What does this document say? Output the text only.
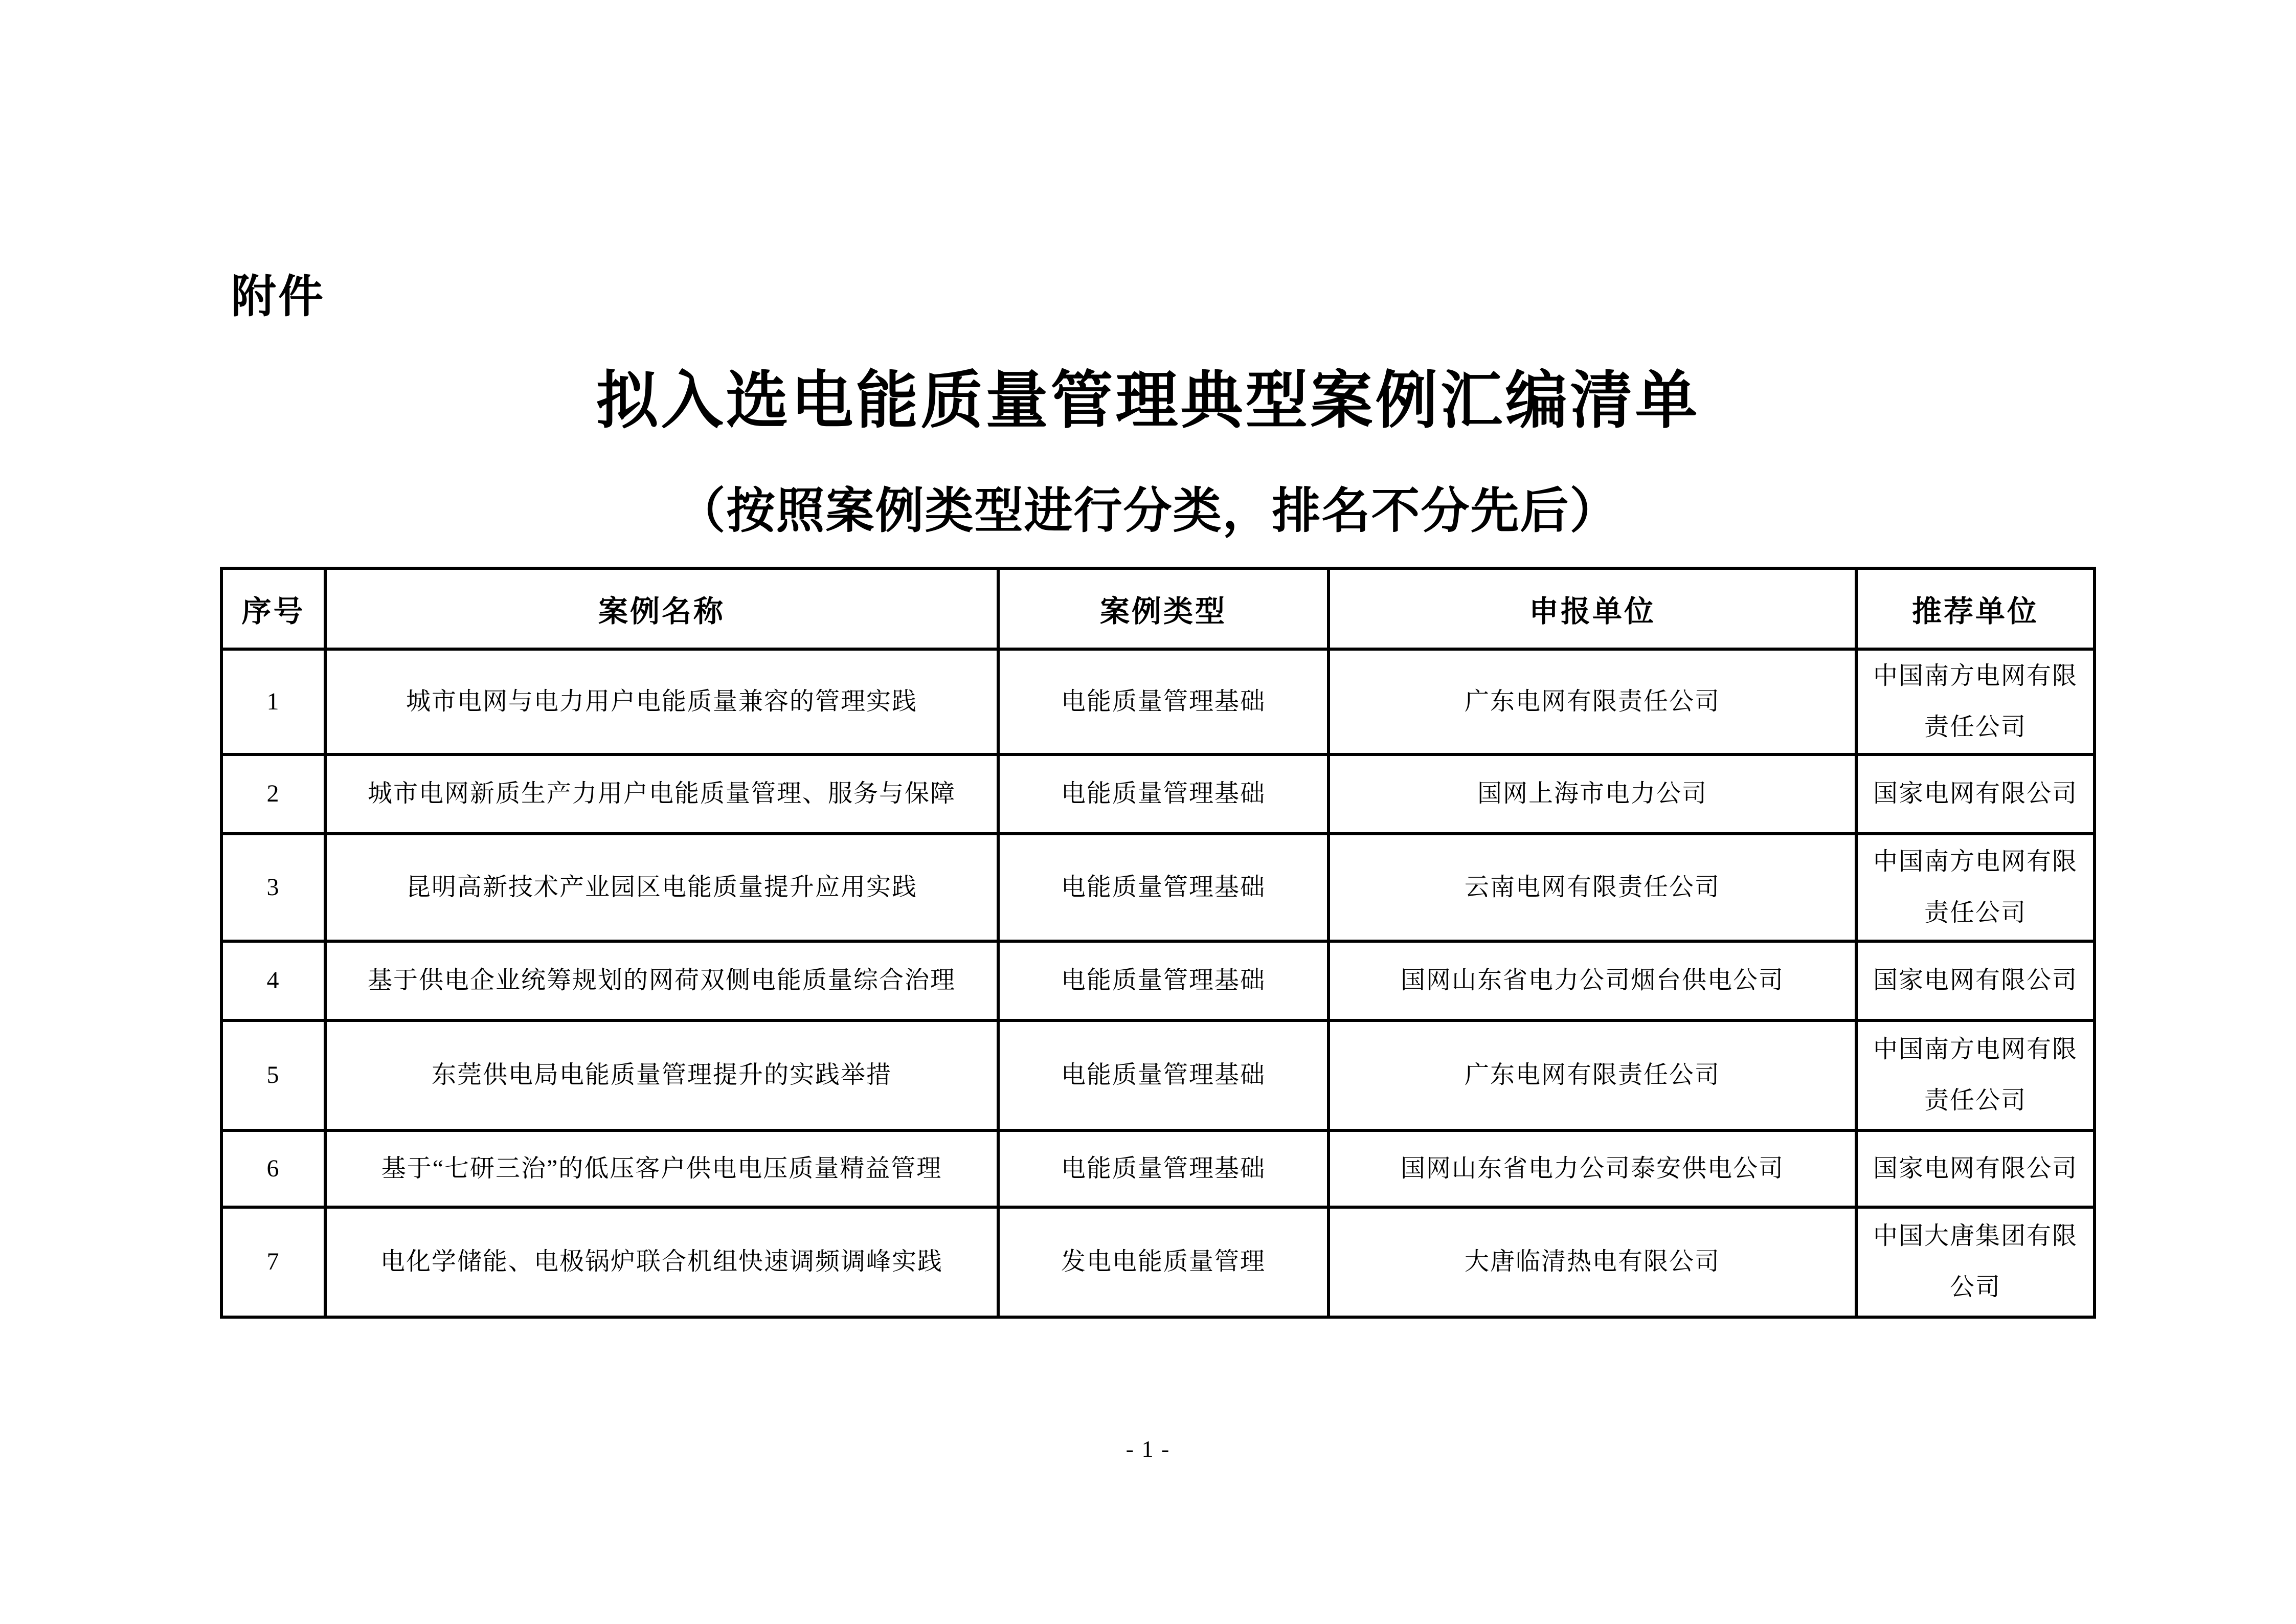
附件
拟入选电能质量管理典型案例汇编清单
（按照案例类型进行分类，排名不分先后）
序号	案例名称	案例类型	申报单位	推荐单位
1	城市电网与电力用户电能质量兼容的管理实践	电能质量管理基础	广东电网有限责任公司	中国南方电网有限责任公司
2	城市电网新质生产力用户电能质量管理、服务与保障	电能质量管理基础	国网上海市电力公司	国家电网有限公司
3	昆明高新技术产业园区电能质量提升应用实践	电能质量管理基础	云南电网有限责任公司	中国南方电网有限责任公司
4	基于供电企业统筹规划的网荷双侧电能质量综合治理	电能质量管理基础	国网山东省电力公司烟台供电公司	国家电网有限公司
5	东莞供电局电能质量管理提升的实践举措	电能质量管理基础	广东电网有限责任公司	中国南方电网有限责任公司
6	基于“七研三治”的低压客户供电电压质量精益管理	电能质量管理基础	国网山东省电力公司泰安供电公司	国家电网有限公司
7	电化学储能、电极锅炉联合机组快速调频调峰实践	发电电能质量管理	大唐临清热电有限公司	中国大唐集团有限公司
- 1 -
